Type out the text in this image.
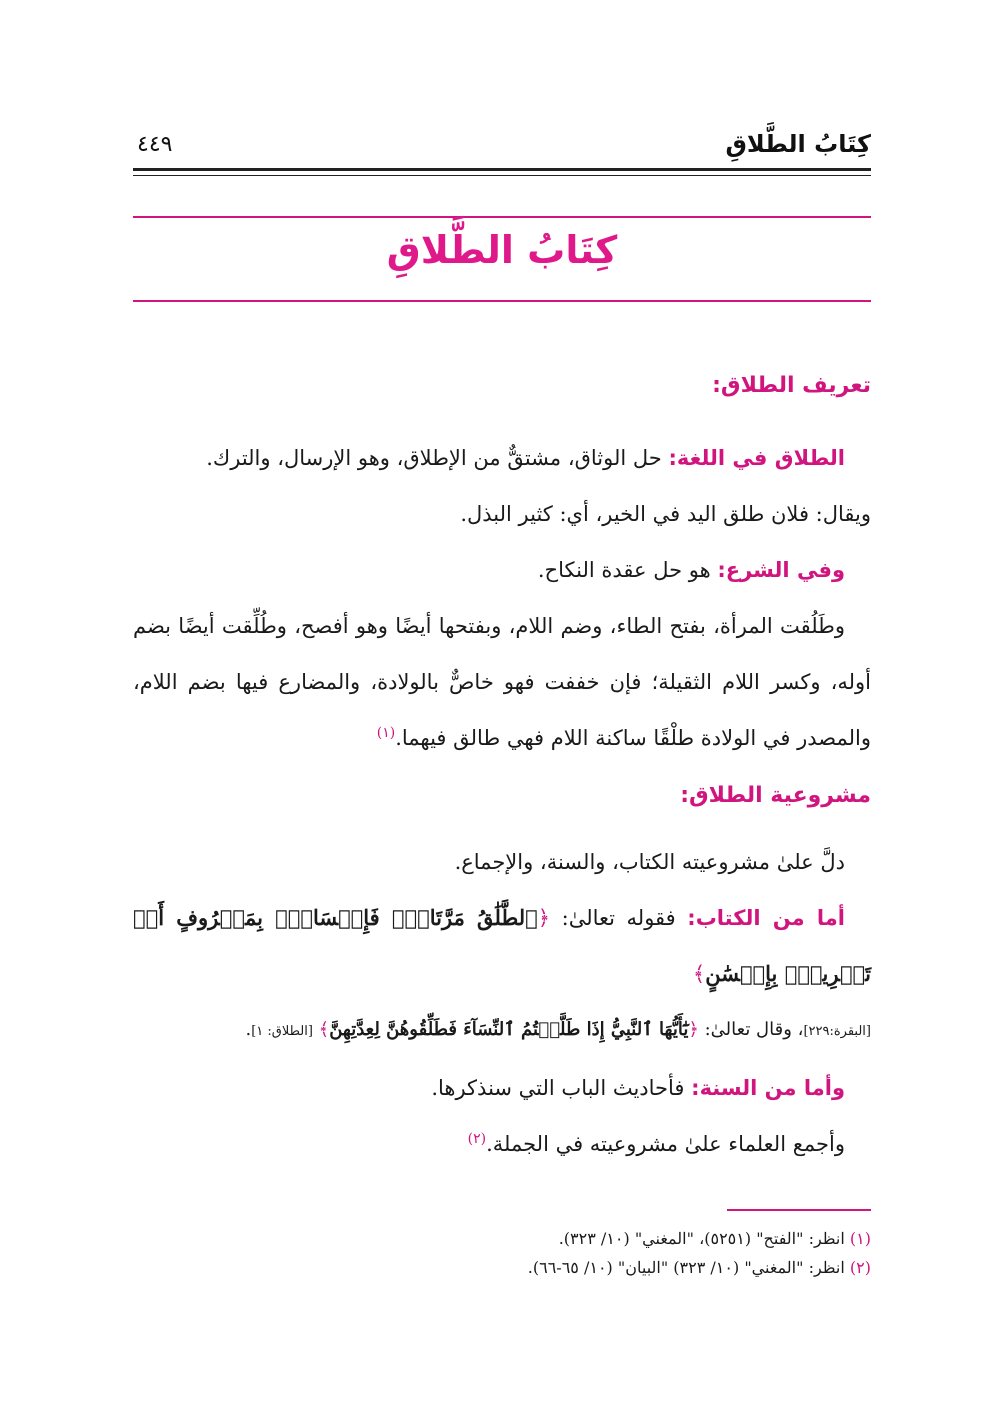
كِتَابُ الطَّلاقِ
٤٤٩
كِتَابُ الطَّلاقِ
تعريف الطلاق:

الطلاق في اللغة: حل الوثاق، مشتقٌّ من الإطلاق، وهو الإرسال، والترك.

ويقال: فلان طلق اليد في الخير، أي: كثير البذل.

وفي الشرع: هو حل عقدة النكاح.

وطَلُقت المرأة، بفتح الطاء، وضم اللام، وبفتحها أيضًا وهو أفصح، وطُلِّقت أيضًا بضم أوله، وكسر اللام الثقيلة؛ فإن خففت فهو خاصٌّ بالولادة، والمضارع فيها بضم اللام، والمصدر في الولادة طلْقًا ساكنة اللام فهي طالق فيهما.$^{(١)}$

مشروعية الطلاق:

دلَّ علىٰ مشروعيته الكتاب، والسنة، والإجماع.

أما من الكتاب: فقوله تعالىٰ: ﴿ٱلطَّلَٰقُ مَرَّتَانِۖ فَإِمۡسَاكُۢ بِمَعۡرُوفٍ أَوۡ تَسۡرِيحُۢ بِإِحۡسَٰنٍ﴾

[البقرة:٢٢٩]، وقال تعالىٰ: ﴿يَٰٓأَيُّهَا ٱلنَّبِيُّ إِذَا طَلَّقۡتُمُ ٱلنِّسَآءَ فَطَلِّقُوهُنَّ لِعِدَّتِهِنَّ﴾ [الطلاق: ١].

وأما من السنة: فأحاديث الباب التي سنذكرها.

وأجمع العلماء علىٰ مشروعيته في الجملة.$^{(٢)}$

(١) انظر: "الفتح" (٥٢٥١)، "المغني" (١٠/ ٣٢٣).
(٢) انظر: "المغني" (١٠/ ٣٢٣) "البيان" (١٠/ ٦٥-٦٦).
